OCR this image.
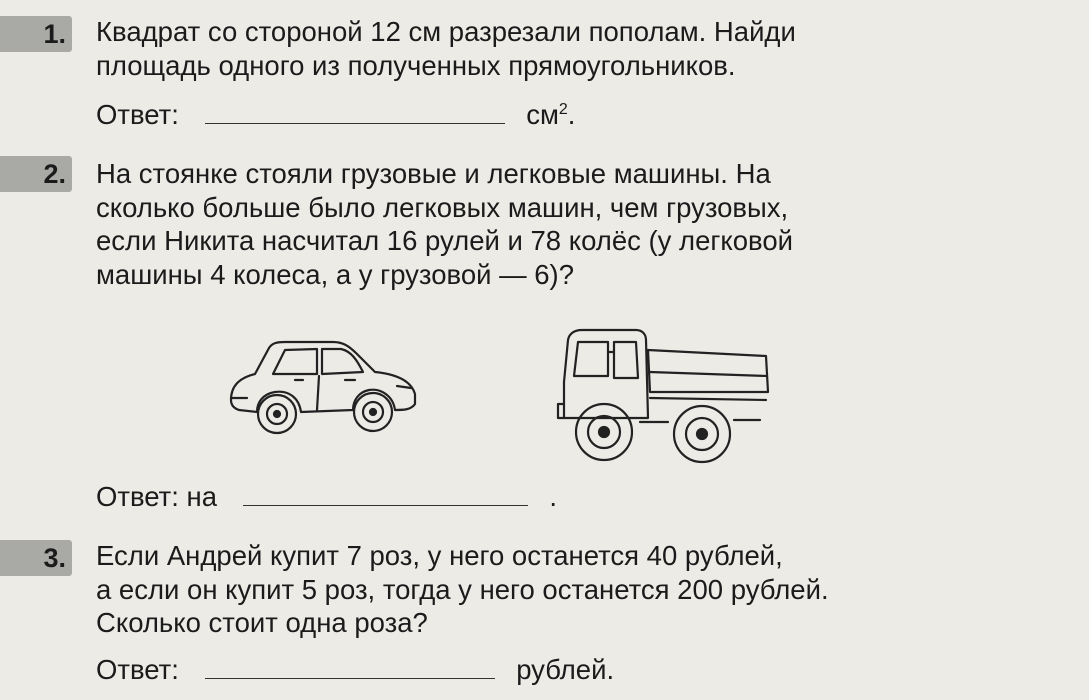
1. Квадрат со стороной 12 см разрезали пополам. Найди
площадь одного из полученных прямоугольников.
Ответ:	$см^2$.
2. На стоянке стояли грузовые и легковые машины. На
сколько больше было легковых машин, чем грузовых,
если Никита насчитал 16 рулей и 78 колёс (у легковой
машины 4 колеса, а у грузовой — 6)?
Ответ: на	.
3. Если Андрей купит 7 роз, у него останется 40 рублей,
а если он купит 5 роз, тогда у него останется 200 рублей.
Сколько стоит одна роза?
Ответ:	рублей.
